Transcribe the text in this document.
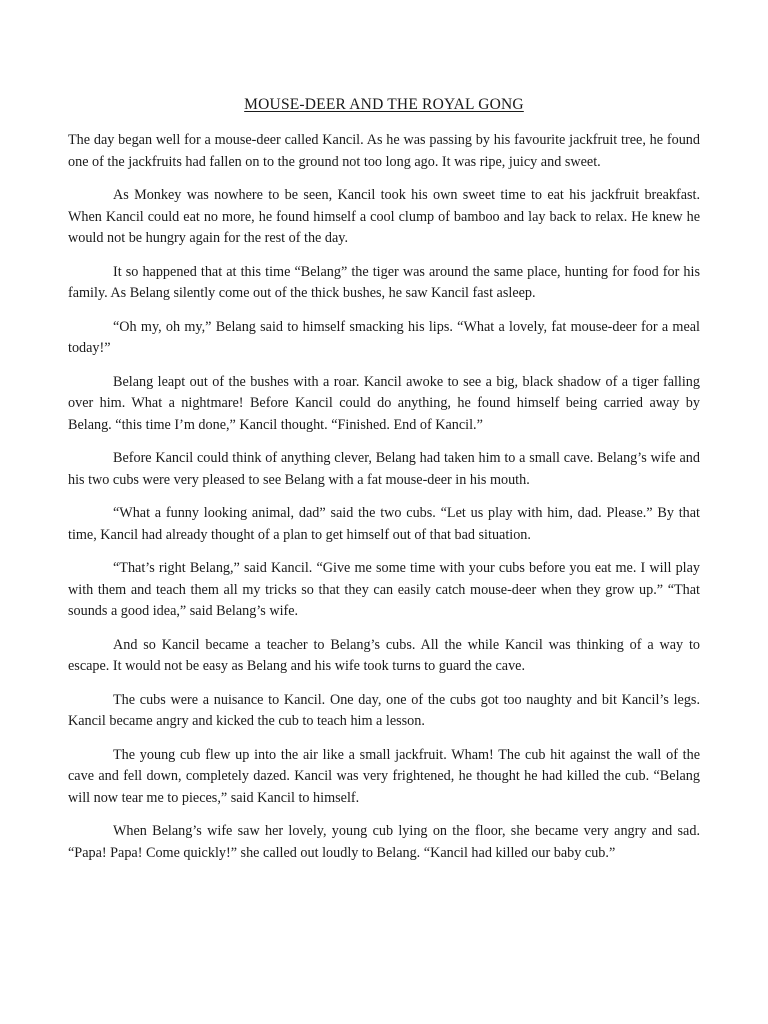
MOUSE-DEER AND THE ROYAL GONG

The day began well for a mouse-deer called Kancil. As he was passing by his favourite jackfruit tree, he found one of the jackfruits had fallen on to the ground not too long ago. It was ripe, juicy and sweet.

As Monkey was nowhere to be seen, Kancil took his own sweet time to eat his jackfruit breakfast. When Kancil could eat no more, he found himself a cool clump of bamboo and lay back to relax. He knew he would not be hungry again for the rest of the day.

It so happened that at this time “Belang” the tiger was around the same place, hunting for food for his family. As Belang silently come out of the thick bushes, he saw Kancil fast asleep.

“Oh my, oh my,” Belang said to himself smacking his lips. “What a lovely, fat mouse-deer for a meal today!”

Belang leapt out of the bushes with a roar. Kancil awoke to see a big, black shadow of a tiger falling over him. What a nightmare! Before Kancil could do anything, he found himself being carried away by Belang. “this time I’m done,” Kancil thought. “Finished. End of Kancil.”

Before Kancil could think of anything clever, Belang had taken him to a small cave. Belang’s wife and his two cubs were very pleased to see Belang with a fat mouse-deer in his mouth.

“What a funny looking animal, dad” said the two cubs. “Let us play with him, dad. Please.” By that time, Kancil had already thought of a plan to get himself out of that bad situation.

“That’s right Belang,” said Kancil. “Give me some time with your cubs before you eat me. I will play with them and teach them all my tricks so that they can easily catch mouse-deer when they grow up.” “That sounds a good idea,” said Belang’s wife.

And so Kancil became a teacher to Belang’s cubs. All the while Kancil was thinking of a way to escape. It would not be easy as Belang and his wife took turns to guard the cave.

The cubs were a nuisance to Kancil. One day, one of the cubs got too naughty and bit Kancil’s legs. Kancil became angry and kicked the cub to teach him a lesson.

The young cub flew up into the air like a small jackfruit. Wham! The cub hit against the wall of the cave and fell down, completely dazed. Kancil was very frightened, he thought he had killed the cub. “Belang will now tear me to pieces,” said Kancil to himself.

When Belang’s wife saw her lovely, young cub lying on the floor, she became very angry and sad. “Papa! Papa! Come quickly!” she called out loudly to Belang. “Kancil had killed our baby cub.”
